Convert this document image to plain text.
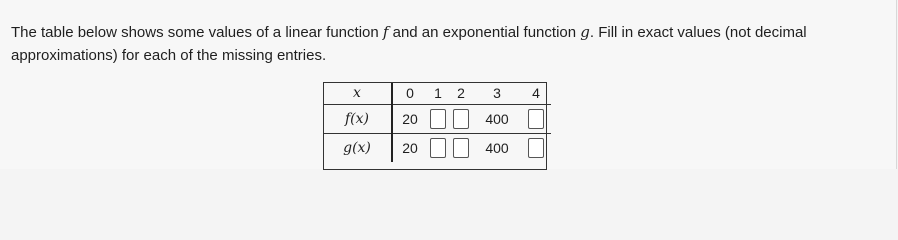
The table below shows some values of a linear function f and an exponential function g. Fill in exact values (not decimal approximations) for each of the missing entries.

x	0	1	2	3	4
f(x)	20			400	
g(x)	20			400	
